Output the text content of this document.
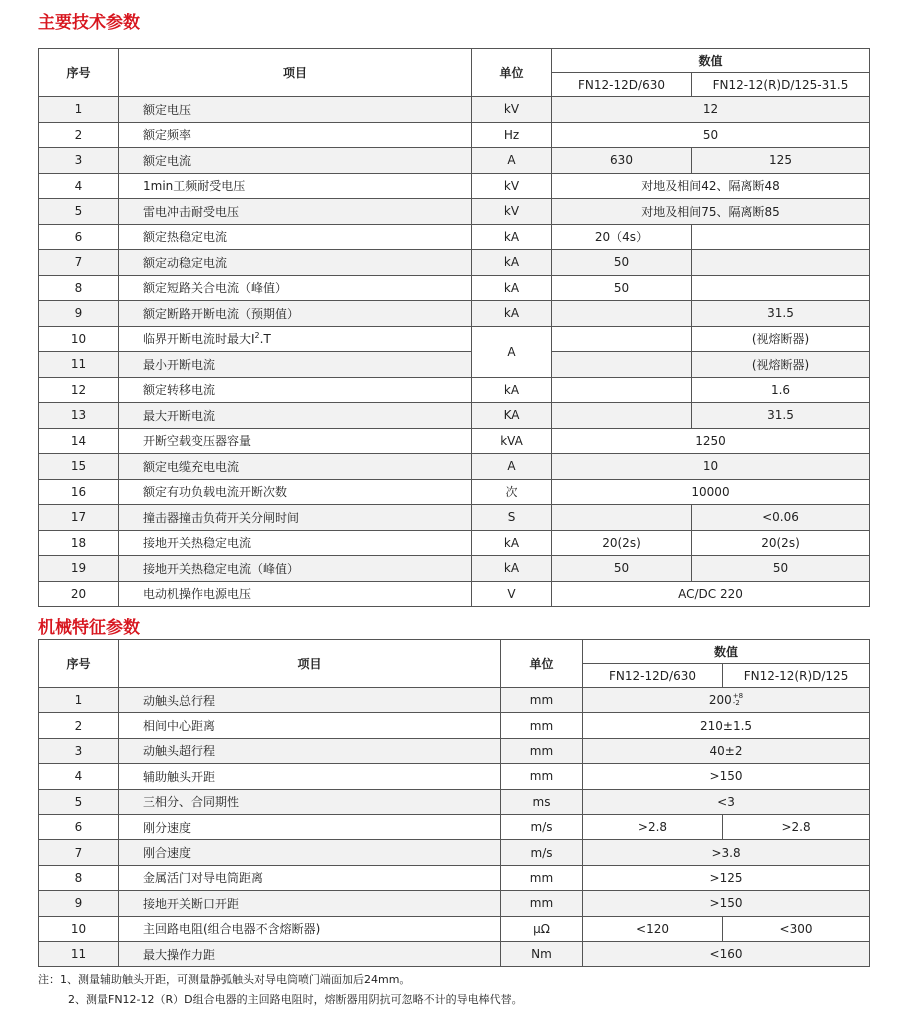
主要技术参数
序号	项目	单位	数值	
			FN12-12D/630	FN12-12(R)D/125-31.5
1	额定电压	kV	12	
2	额定频率	Hz	50	
3	额定电流	A	630	125
4	1min工频耐受电压	kV	对地及相间42、隔离断48	
5	雷电冲击耐受电压	kV	对地及相间75、隔离断85	
6	额定热稳定电流	kA	20（4s）	
7	额定动稳定电流	kA	50	
8	额定短路关合电流（峰值）	kA	50	
9	额定断路开断电流（预期值）	kA		31.5
10	临界开断电流时最大$I^2.T$	A		(视熔断器)
11	最小开断电流			(视熔断器)
12	额定转移电流	kA		1.6
13	最大开断电流	KA		31.5
14	开断空载变压器容量	kVA	1250	
15	额定电缆充电电流	A	10	
16	额定有功负载电流开断次数	次	10000	
17	撞击器撞击负荷开关分闸时间	S		<0.06
18	接地开关热稳定电流	kA	20(2s)	20(2s)
19	接地开关热稳定电流（峰值）	kA	50	50
20	电动机操作电源电压	V	AC/DC 220	
机械特征参数
序号	项目	单位	数值	
			FN12-12D/630	FN12-12(R)D/125
1	动触头总行程	mm	200 +8
-2	

2	相间中心距离	mm	210±1.5	
3	动触头超行程	mm	40±2	
4	辅助触头开距	mm	>150	
5	三相分、合同期性	ms	<3	
6	刚分速度	m/s	>2.8	>2.8
7	刚合速度	m/s	>3.8	
8	金属活门对导电筒距离	mm	>125	
9	接地开关断口开距	mm	>150	
10	主回路电阻(组合电器不含熔断器)	μΩ	<120	<300
11	最大操作力距	Nm	<160	
注：1、测量辅助触头开距，可测量静弧触头对导电筒喷门端面加后24mm。
2、测量FN12-12（R）D组合电器的主回路电阻时，熔断器用阴抗可忽略不计的导电棒代替。
